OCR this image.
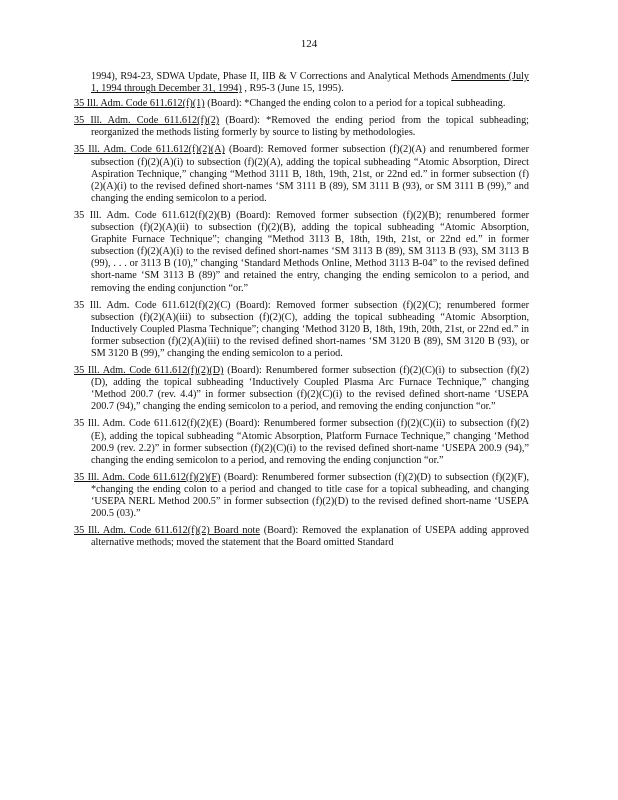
124

1994), R94-23, SDWA Update, Phase II, IIB & V Corrections and Analytical Methods Amendments (July 1, 1994 through December 31, 1994) , R95-3 (June 15, 1995).

35 Ill. Adm. Code 611.612(f)(1) (Board): *Changed the ending colon to a period for a topical subheading.

35 Ill. Adm. Code 611.612(f)(2) (Board): *Removed the ending period from the topical subheading; reorganized the methods listing formerly by source to listing by methodologies.

35 Ill. Adm. Code 611.612(f)(2)(A) (Board): Removed former subsection (f)(2)(A) and renumbered former subsection (f)(2)(A)(i) to subsection (f)(2)(A), adding the topical subheading “Atomic Absorption, Direct Aspiration Technique,” changing “Method 3111 B, 18th, 19th, 21st, or 22nd ed.” in former subsection (f)(2)(A)(i) to the revised defined short-names ‘SM 3111 B (89), SM 3111 B (93), or SM 3111 B (99),” and changing the ending semicolon to a period.

35 Ill. Adm. Code 611.612(f)(2)(B) (Board): Removed former subsection (f)(2)(B); renumbered former subsection (f)(2)(A)(ii) to subsection (f)(2)(B), adding the topical subheading “Atomic Absorption, Graphite Furnace Technique”; changing “Method 3113 B, 18th, 19th, 21st, or 22nd ed.” in former subsection (f)(2)(A)(i) to the revised defined short-names ‘SM 3113 B (89), SM 3113 B (93), SM 3113 B (99), . . . or 3113 B (10),” changing ‘Standard Methods Online, Method 3113 B-04” to the revised defined short-name ‘SM 3113 B (89)” and retained the entry, changing the ending semicolon to a period, and removing the ending conjunction “or.”

35 Ill. Adm. Code 611.612(f)(2)(C) (Board): Removed former subsection (f)(2)(C); renumbered former subsection (f)(2)(A)(iii) to subsection (f)(2)(C), adding the topical subheading “Atomic Absorption, Inductively Coupled Plasma Technique”; changing ‘Method 3120 B, 18th, 19th, 20th, 21st, or 22nd ed.” in former subsection (f)(2)(A)(iii) to the revised defined short-names ‘SM 3120 B (89), SM 3120 B (93), or SM 3120 B (99),” changing the ending semicolon to a period.

35 Ill. Adm. Code 611.612(f)(2)(D) (Board): Renumbered former subsection (f)(2)(C)(i) to subsection (f)(2)(D), adding the topical subheading ‘Inductively Coupled Plasma Arc Furnace Technique,” changing ‘Method 200.7 (rev. 4.4)” in former subsection (f)(2)(C)(i) to the revised defined short-name ‘USEPA 200.7 (94),” changing the ending semicolon to a period, and removing the ending conjunction “or.”

35 Ill. Adm. Code 611.612(f)(2)(E) (Board): Renumbered former subsection (f)(2)(C)(ii) to subsection (f)(2)(E), adding the topical subheading “Atomic Absorption, Platform Furnace Technique,” changing ‘Method 200.9 (rev. 2.2)” in former subsection (f)(2)(C)(i) to the revised defined short-name ‘USEPA 200.9 (94),” changing the ending semicolon to a period, and removing the ending conjunction “or.”

35 Ill. Adm. Code 611.612(f)(2)(F) (Board): Renumbered former subsection (f)(2)(D) to subsection (f)(2)(F), *changing the ending colon to a period and changed to title case for a topical subheading, and changing ‘USEPA NERL Method 200.5” in former subsection (f)(2)(D) to the revised defined short-name ‘USEPA 200.5 (03).”

35 Ill. Adm. Code 611.612(f)(2) Board note (Board): Removed the explanation of USEPA adding approved alternative methods; moved the statement that the Board omitted Standard
